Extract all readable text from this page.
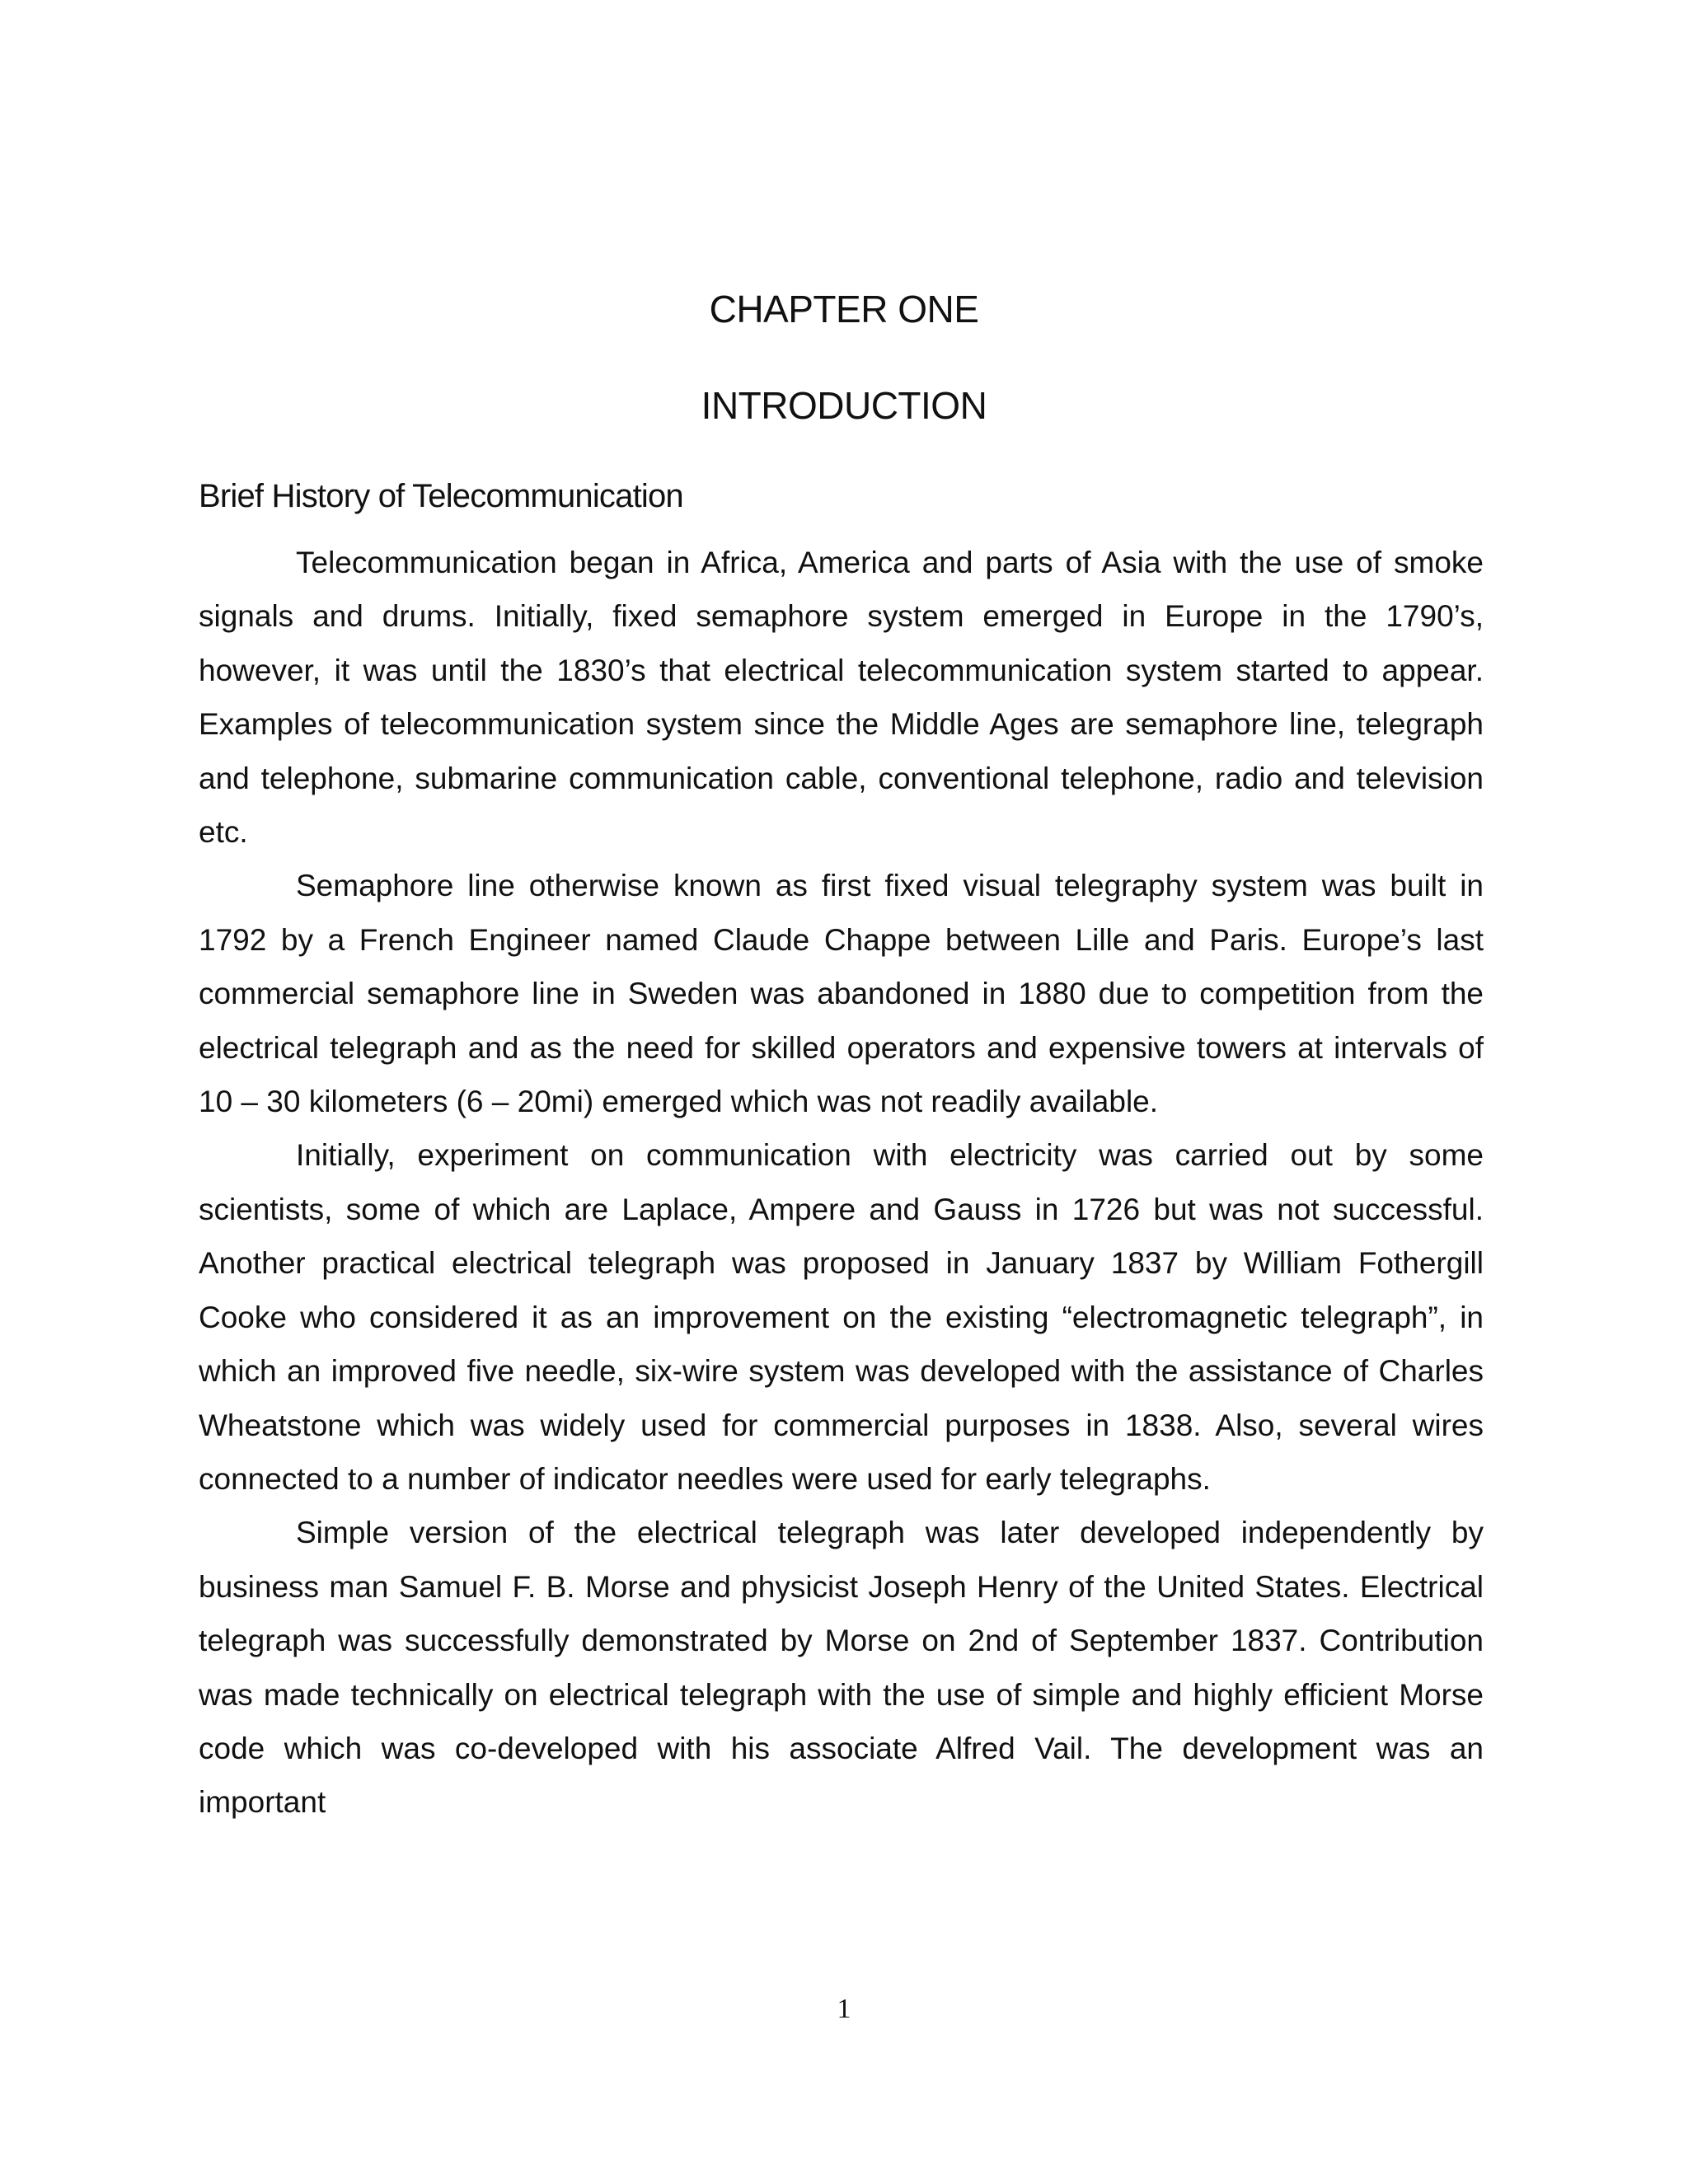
CHAPTER ONE
INTRODUCTION
Brief History of Telecommunication

Telecommunication began in Africa, America and parts of Asia with the use of smoke signals and drums. Initially, fixed semaphore system emerged in Europe in the 1790’s, however, it was until the 1830’s that electrical telecommunication system started to appear. Examples of telecommunication system since the Middle Ages are semaphore line, telegraph and telephone, submarine communication cable, conventional telephone, radio and television etc.

Semaphore line otherwise known as first fixed visual telegraphy system was built in 1792 by a French Engineer named Claude Chappe between Lille and Paris. Europe’s last commercial semaphore line in Sweden was abandoned in 1880 due to competition from the electrical telegraph and as the need for skilled operators and expensive towers at intervals of 10 – 30 kilometers (6 – 20mi) emerged which was not readily available.

Initially, experiment on communication with electricity was carried out by some scientists, some of which are Laplace, Ampere and Gauss in 1726 but was not successful. Another practical electrical telegraph was proposed in January 1837 by William Fothergill Cooke who considered it as an improvement on the existing “electromagnetic telegraph”, in which an improved five needle, six-wire system was developed with the assistance of Charles Wheatstone which was widely used for commercial purposes in 1838. Also, several wires connected to a number of indicator needles were used for early telegraphs.

Simple version of the electrical telegraph was later developed independently by business man Samuel F. B. Morse and physicist Joseph Henry of the United States. Electrical telegraph was successfully demonstrated by Morse on 2nd of September 1837. Contribution was made technically on electrical telegraph with the use of simple and highly efficient Morse code which was co-developed with his associate Alfred Vail. The development was an important

1
